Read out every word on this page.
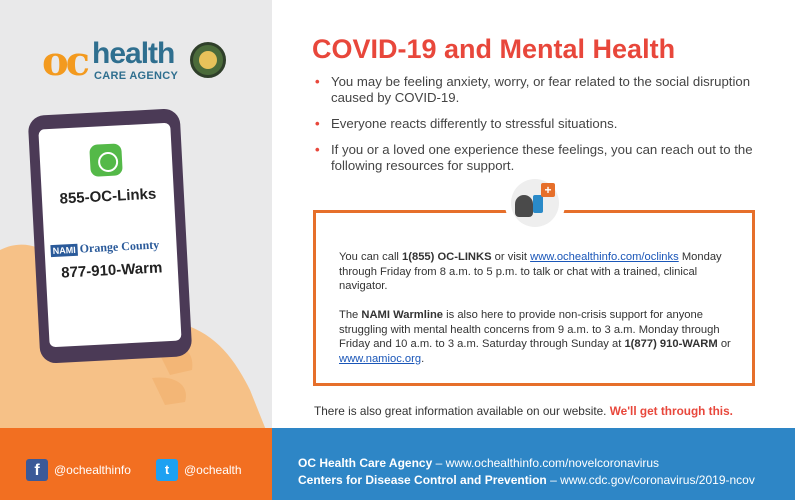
oc health
CARE AGENCY
855-OC-Links
NAMI Orange County
877-910-Warm
COVID-19 and Mental Health
• You may be feeling anxiety, worry, or fear related to the social disruption caused by COVID-19.
• Everyone reacts differently to stressful situations.
• If you or a loved one experience these feelings, you can reach out to the following resources for support.
+

You can call 1(855) OC-LINKS or visit www.ochealthinfo.com/oclinks Monday through Friday from 8 a.m. to 5 p.m. to talk or chat with a trained, clinical navigator.

The NAMI Warmline is also here to provide non-crisis support for anyone struggling with mental health concerns from 9 a.m. to 3 a.m. Monday through Friday and 10 a.m. to 3 a.m. Saturday through Sunday at 1(877) 910-WARM or www.namioc.org.

There is also great information available on our website. We'll get through this.

f	@ochealthinfo	t	@ochealth	OC Health Care Agency – www.ochealthinfo.com/novelcoronavirus

Centers for Disease Control and Prevention – www.cdc.gov/coronavirus/2019-ncov
